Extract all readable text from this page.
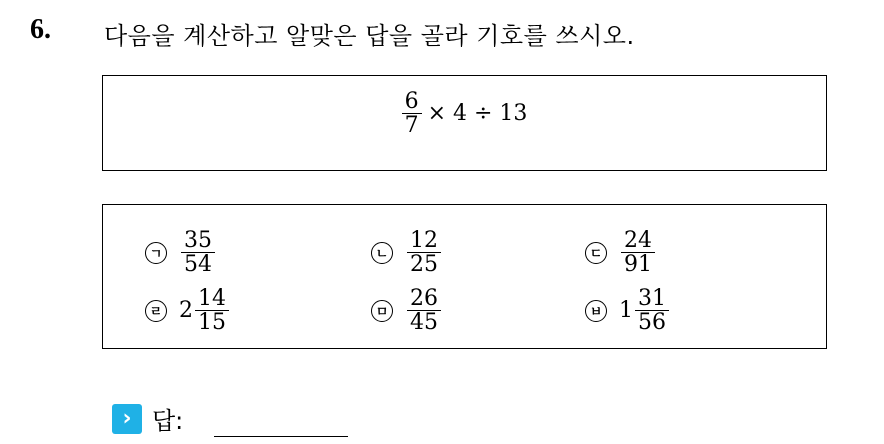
6. 다음을 계산하고 알맞은 답을 골라 기호를 쓰시오.
$\frac{6}{7} \times 4 \div 13$
ㄱ $\frac{35}{54}$	ㄴ $\frac{12}{25}$	ㄷ $\frac{24}{91}$
ㄹ $2 \frac{14}{15}$	ㅁ $\frac{26}{45}$	ㅂ $1 \frac{31}{56}$
› 답:
